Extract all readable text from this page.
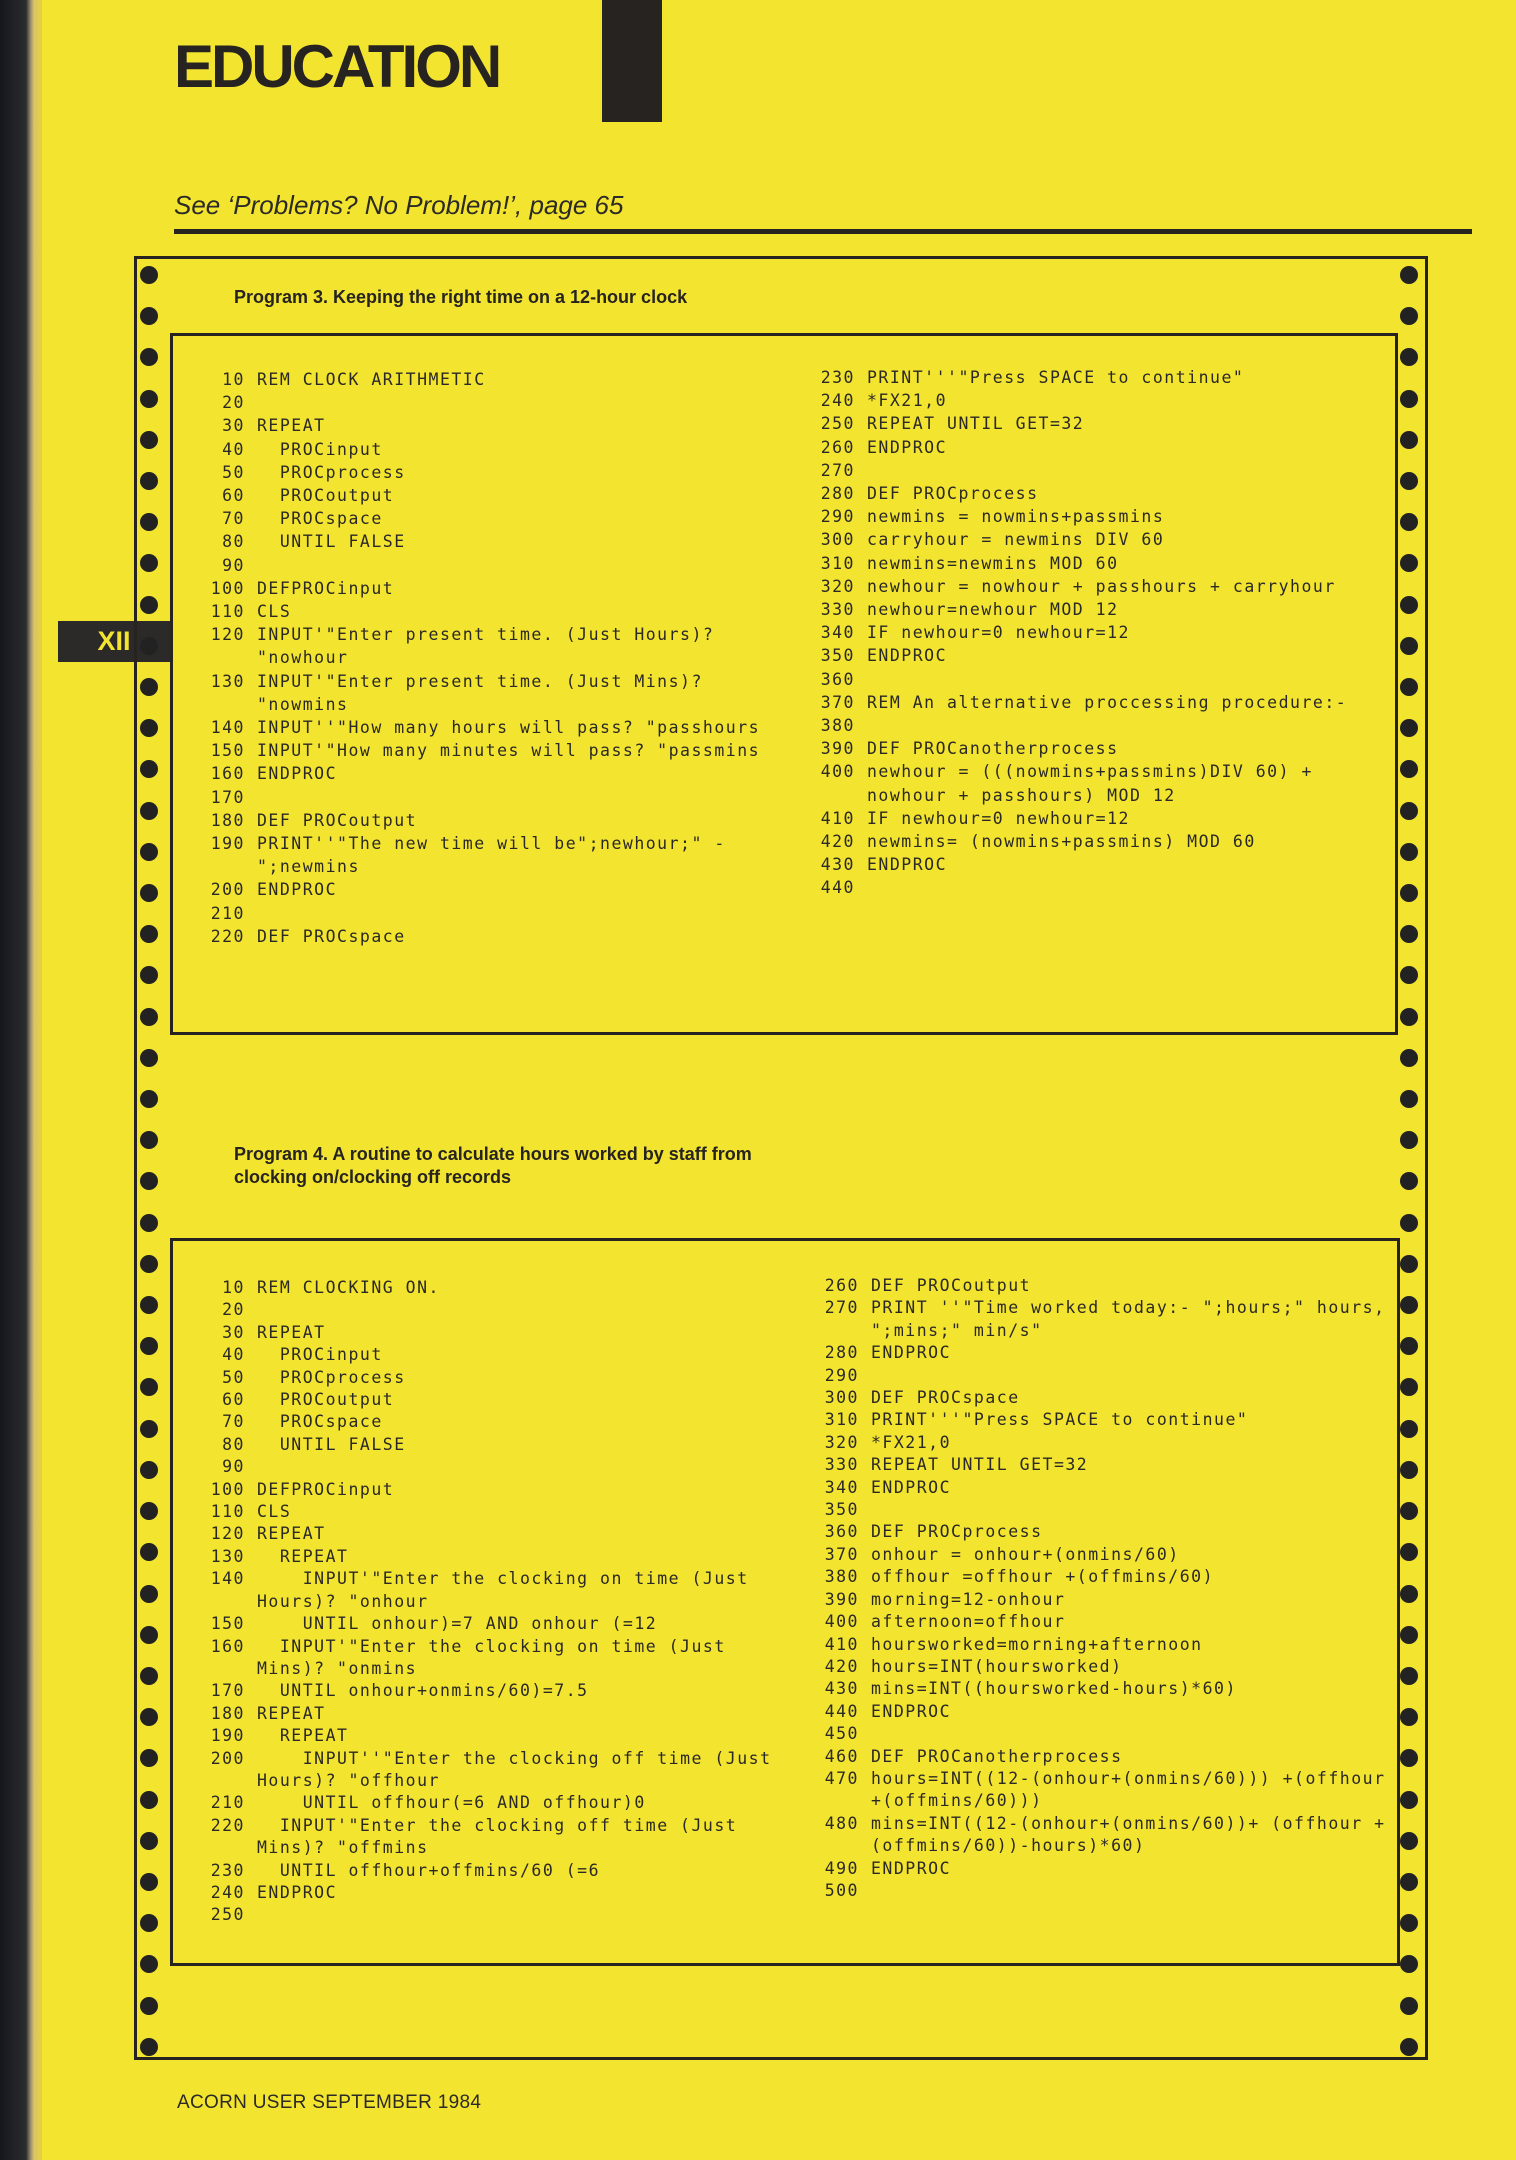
EDUCATION
See ‘Problems? No Problem!’, page 65
XII
Program 3. Keeping the right time on a 12-hour clock
10 REM CLOCK ARITHMETIC
20
30 REPEAT
40 PROCinput
50 PROCprocess
60 PROCoutput
70 PROCspace
80 UNTIL FALSE
90
100 DEFPROCinput
110 CLS
120 INPUT'"Enter present time. (Just Hours)? "nowhour
130 INPUT'"Enter present time. (Just Mins)? "nowmins
140 INPUT''"How many hours will pass? "passhours
150 INPUT'"How many minutes will pass? "passmins
160 ENDPROC
170
180 DEF PROCoutput
190 PRINT''"The new time will be";newhour;" - ";newmins
200 ENDPROC
210
220 DEF PROCspace
230 PRINT'''"Press SPACE to continue"
240 *FX21,0
250 REPEAT UNTIL GET=32
260 ENDPROC
270
280 DEF PROCprocess
290 newmins = nowmins+passmins
300 carryhour = newmins DIV 60
310 newmins=newmins MOD 60
320 newhour = nowhour + passhours + carryhour
330 newhour=newhour MOD 12
340 IF newhour=0 newhour=12
350 ENDPROC
360
370 REM An alternative proccessing procedure:-
380
390 DEF PROCanotherprocess
400 newhour = (((nowmins+passmins)DIV 60) + nowhour + passhours) MOD 12
410 IF newhour=0 newhour=12
420 newmins= (nowmins+passmins) MOD 60
430 ENDPROC
440
Program 4. A routine to calculate hours worked by staff from clocking on/clocking off records
10 REM CLOCKING ON.
20
30 REPEAT
40 PROCinput
50 PROCprocess
60 PROCoutput
70 PROCspace
80 UNTIL FALSE
90
100 DEFPROCinput
110 CLS
120 REPEAT
130 REPEAT
140 INPUT'"Enter the clocking on time (Just Hours)? "onhour
150 UNTIL onhour)=7 AND onhour (=12
160 INPUT'"Enter the clocking on time (Just Mins)? "onmins
170 UNTIL onhour+onmins/60)=7.5
180 REPEAT
190 REPEAT
200 INPUT''"Enter the clocking off time (Just Hours)? "offhour
210 UNTIL offhour(=6 AND offhour)0
220 INPUT'"Enter the clocking off time (Just Mins)? "offmins
230 UNTIL offhour+offmins/60 (=6
240 ENDPROC
250
260 DEF PROCoutput
270 PRINT ''"Time worked today:- ";hours;" hours, ";mins;" min/s"
280 ENDPROC
290
300 DEF PROCspace
310 PRINT'''"Press SPACE to continue"
320 *FX21,0
330 REPEAT UNTIL GET=32
340 ENDPROC
350
360 DEF PROCprocess
370 onhour = onhour+(onmins/60)
380 offhour =offhour +(offmins/60)
390 morning=12-onhour
400 afternoon=offhour
410 hoursworked=morning+afternoon
420 hours=INT(hoursworked)
430 mins=INT((hoursworked-hours)*60)
440 ENDPROC
450
460 DEF PROCanotherprocess
470 hours=INT((12-(onhour+(onmins/60))) +(offhour +(offmins/60)))
480 mins=INT((12-(onhour+(onmins/60))+ (offhour +(offmins/60))-hours)*60)
490 ENDPROC
500
ACORN USER SEPTEMBER 1984
